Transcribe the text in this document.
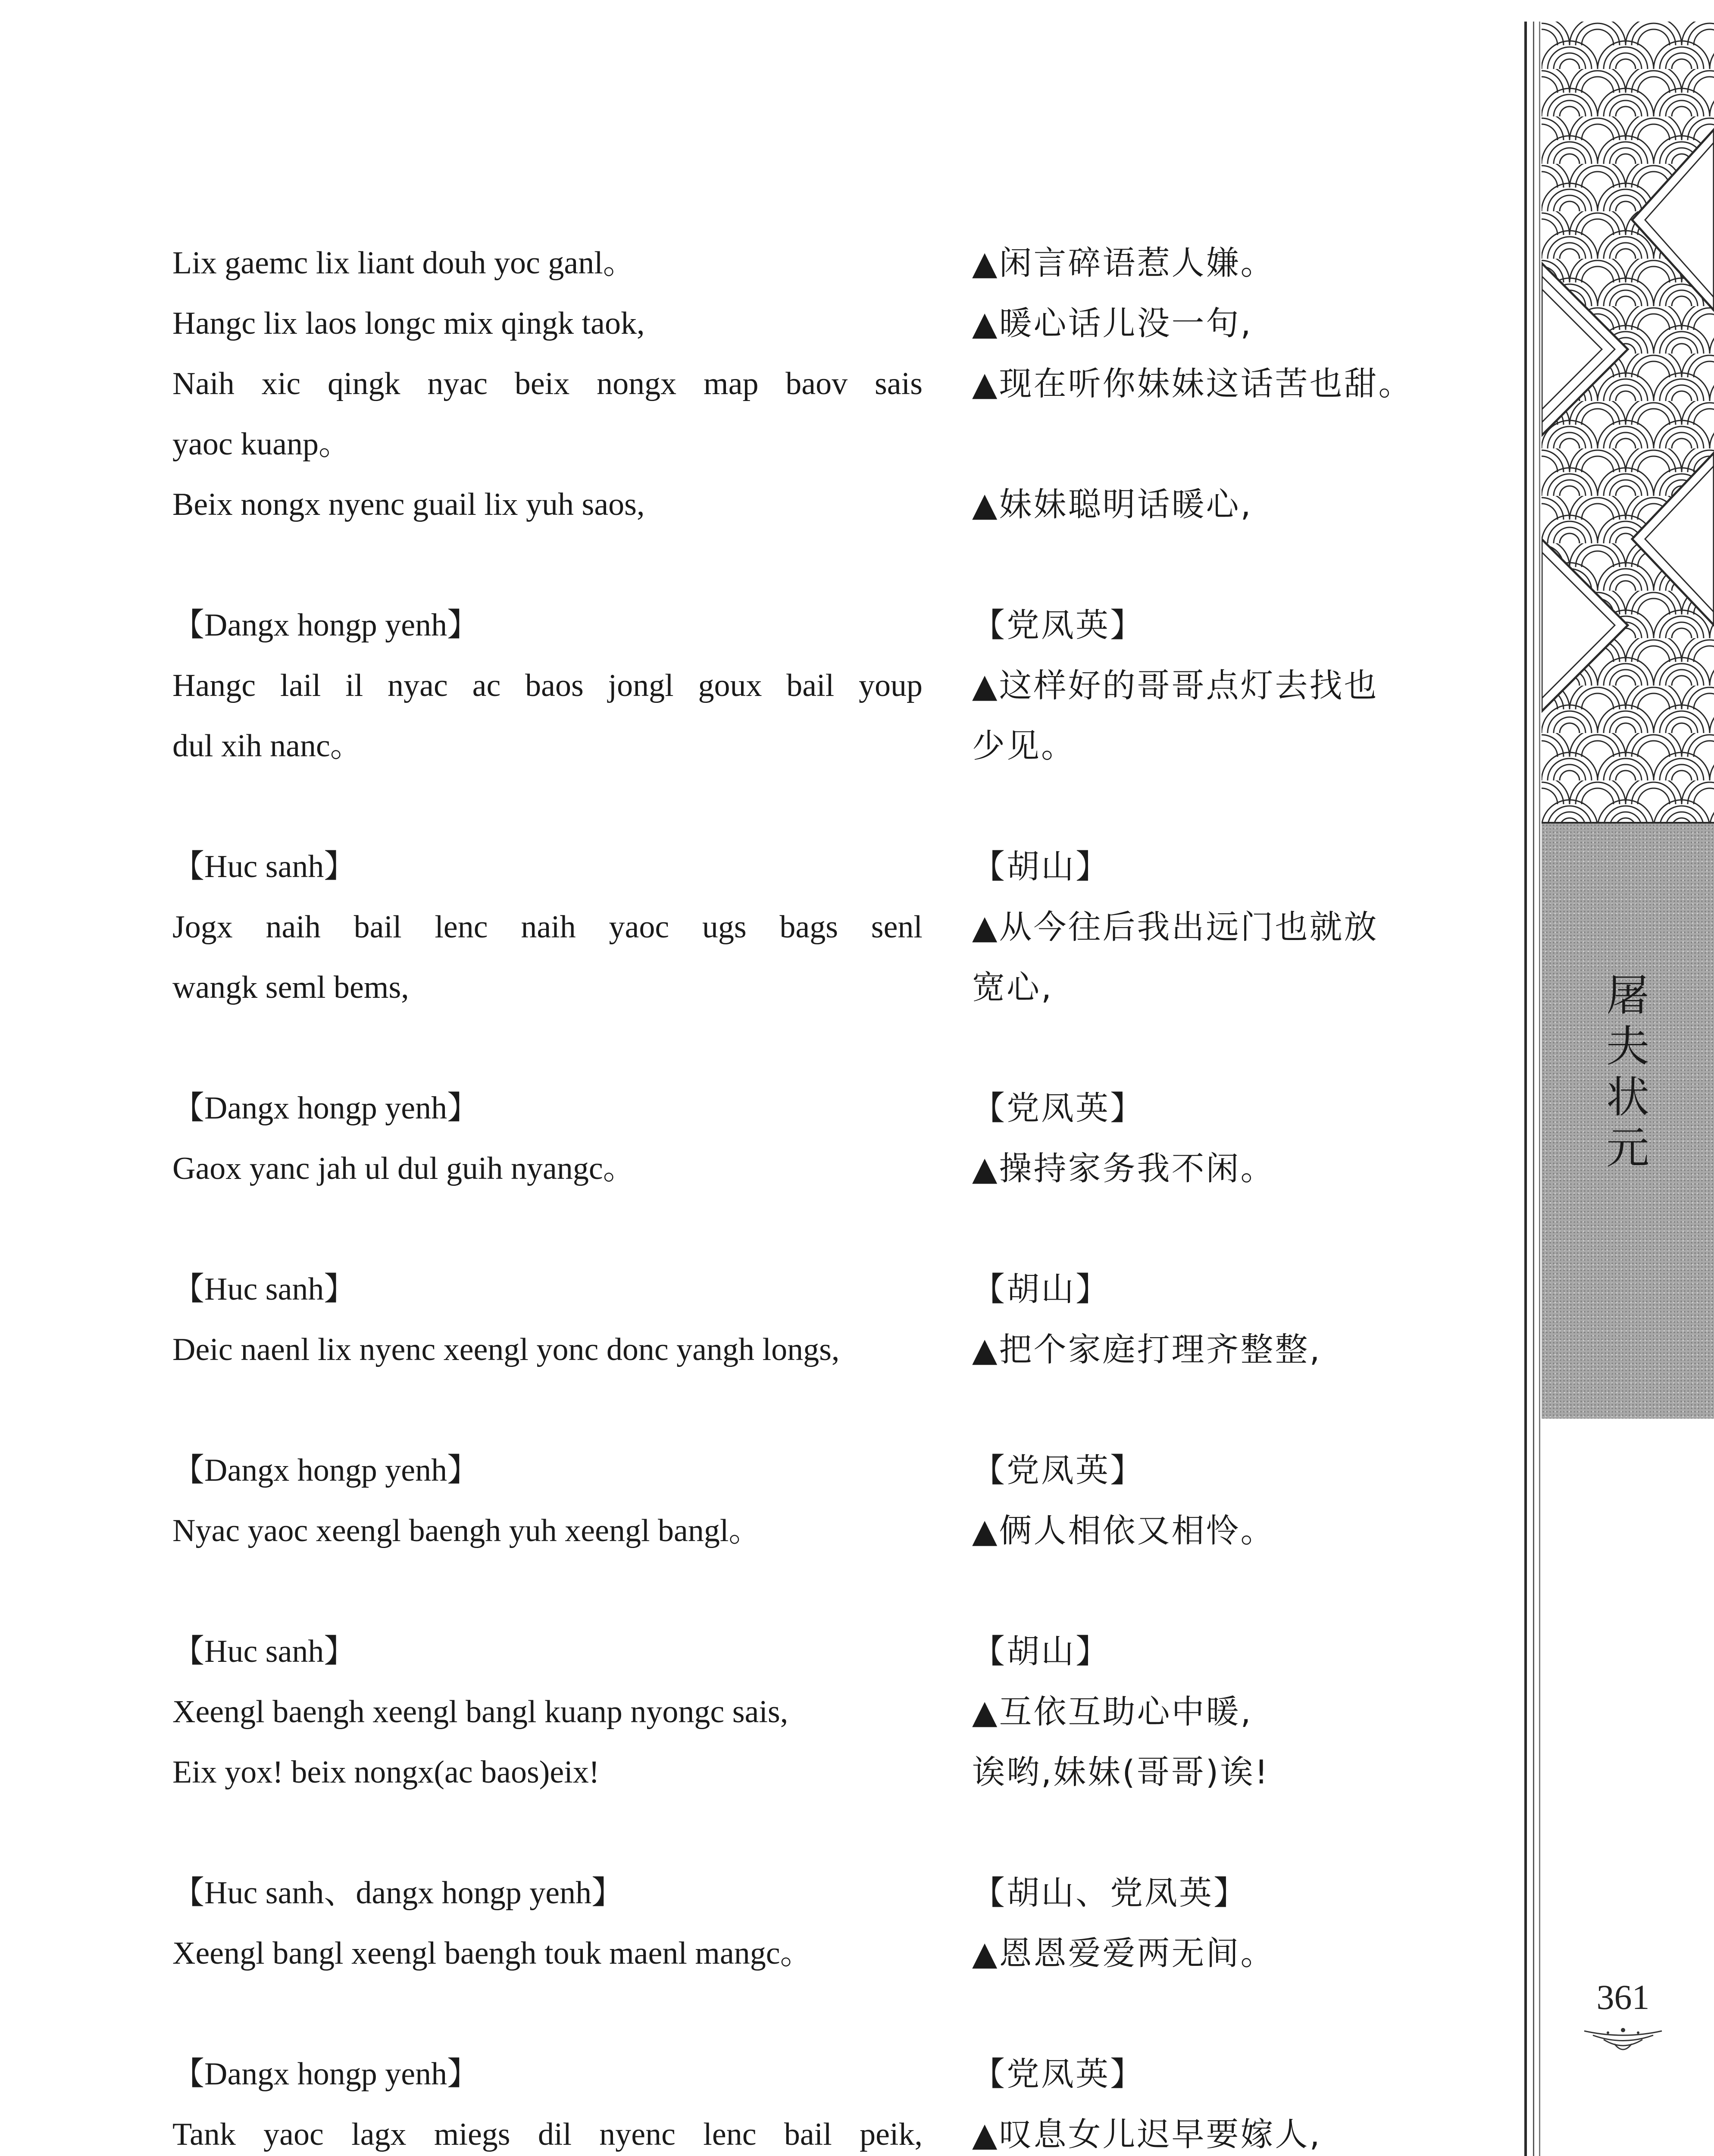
Lix gaemc lix liant douh yoc ganl。
Hangc lix laos longc mix qingk taok,
Naih xic qingk nyac beix nongx map baov sais
yaoc kuanp。
Beix nongx nyenc guail lix yuh saos,
【Dangx hongp yenh】
Hangc lail il nyac ac baos jongl goux bail youp
dul xih nanc。
【Huc sanh】
Jogx naih bail lenc naih yaoc ugs bags senl
wangk seml bems,
【Dangx hongp yenh】
Gaox yanc jah ul dul guih nyangc。
【Huc sanh】
Deic naenl lix nyenc xeengl yonc donc yangh longs,
【Dangx hongp yenh】
Nyac yaoc xeengl baengh yuh xeengl bangl。
【Huc sanh】
Xeengl baengh xeengl bangl kuanp nyongc sais,
Eix yox! beix nongx(ac baos)eix!
【Huc sanh、dangx hongp yenh】
Xeengl bangl xeengl baengh touk maenl mangc。
【Dangx hongp yenh】
Tank yaoc lagx miegs dil nyenc lenc bail peik,
▲闲言碎语惹人嫌。
▲暖心话儿没一句,
▲现在听你妹妹这话苦也甜。
▲妹妹聪明话暖心,
【党凤英】
▲这样好的哥哥点灯去找也
少见。
【胡山】
▲从今往后我出远门也就放
宽心,
【党凤英】
▲操持家务我不闲。
【胡山】
▲把个家庭打理齐整整,
【党凤英】
▲俩人相依又相怜。
【胡山】
▲互依互助心中暖,
诶哟,妹妹(哥哥)诶!
【胡山、党凤英】
▲恩恩爱爱两无间。
【党凤英】
▲叹息女儿迟早要嫁人,
屠
夫
状
元
361
